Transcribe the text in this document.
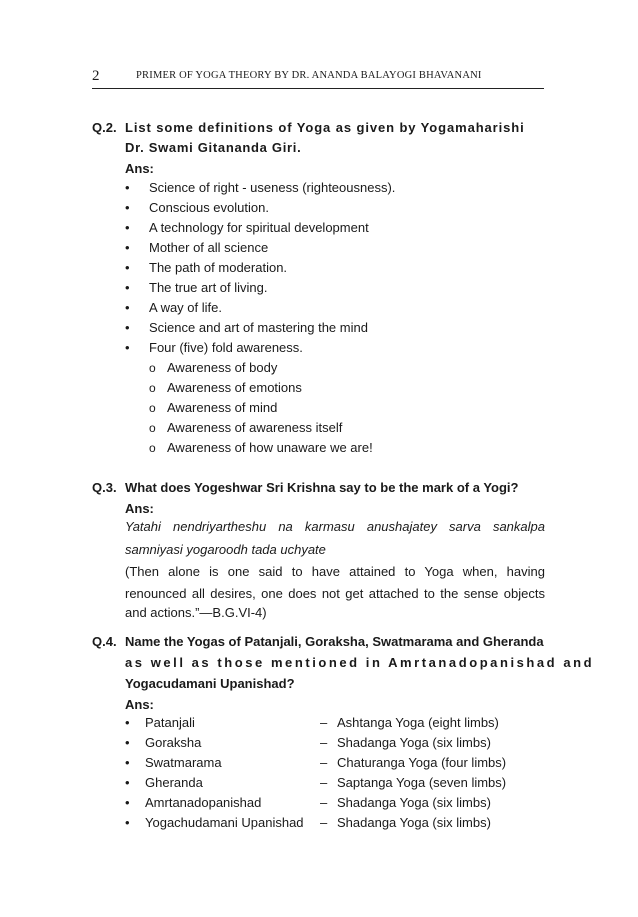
2	PRIMER OF YOGA THEORY BY DR. ANANDA BALAYOGI BHAVANANI
Q.2. List some definitions of Yoga as given by Yogamaharishi
Dr. Swami Gitananda Giri.
Ans:
• Science of right - useness (righteousness).
• Conscious evolution.
• A technology for spiritual development
• Mother of all science
• The path of moderation.
• The true art of living.
• A way of life.
• Science and art of mastering the mind
• Four (five) fold awareness.
o Awareness of body
o Awareness of emotions
o Awareness of mind
o Awareness of awareness itself
o Awareness of how unaware we are!
Q.3. What does Yogeshwar Sri Krishna say to be the mark of a Yogi?
Ans:
Yatahi nendriyartheshu na karmasu anushajatey sarva sankalpa
samniyasi yogaroodh tada uchyate
(Then alone is one said to have attained to Yoga when, having
renounced all desires, one does not get attached to the sense objects
and actions.”—B.G.VI-4)
Q.4. Name the Yogas of Patanjali, Goraksha, Swatmarama and Gheranda
as well as those mentioned in Amrtanadopanishad and
Yogacudamani Upanishad?
Ans:
• Patanjali	– Ashtanga Yoga (eight limbs)
• Goraksha	– Shadanga Yoga (six limbs)
• Swatmarama	– Chaturanga Yoga (four limbs)
• Gheranda	– Saptanga Yoga (seven limbs)
• Amrtanadopanishad	– Shadanga Yoga (six limbs)
• Yogachudamani Upanishad – Shadanga Yoga (six limbs)
